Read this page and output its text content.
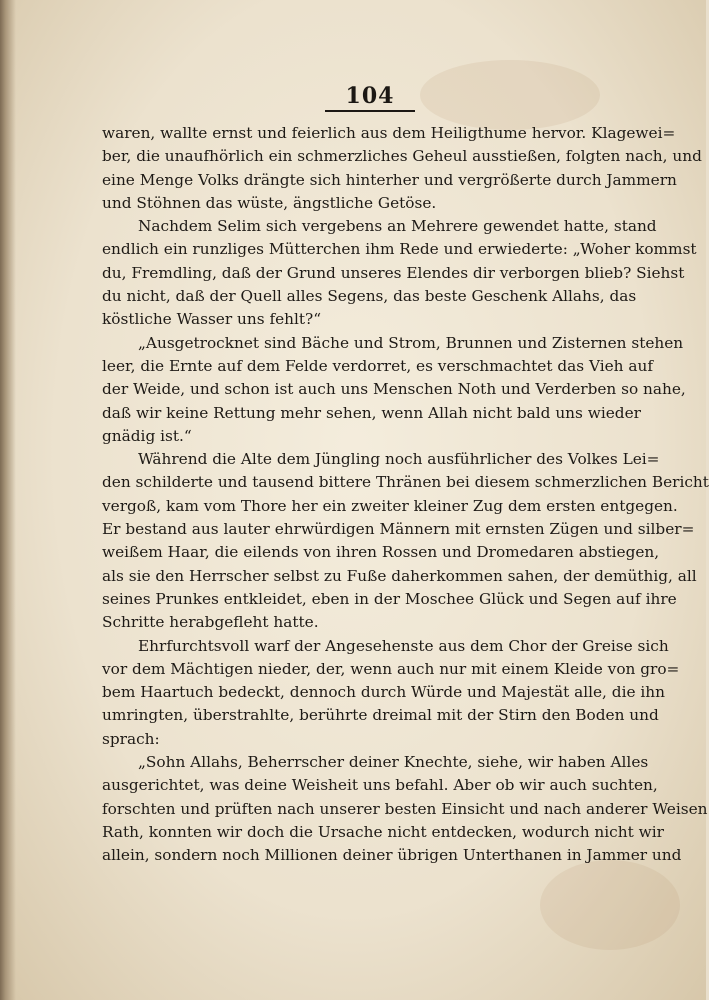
104
waren, wallte ernst und feierlich aus dem Heiligthume hervor. Klagewei=
ber, die unaufhörlich ein schmerzliches Geheul ausstießen, folgten nach, und
eine Menge Volks drängte sich hinterher und vergrößerte durch Jammern
und Stöhnen das wüste, ängstliche Getöse.
Nachdem Selim sich vergebens an Mehrere gewendet hatte, stand
endlich ein runzliges Mütterchen ihm Rede und erwiederte: „Woher kommst
du, Fremdling, daß der Grund unseres Elendes dir verborgen blieb? Siehst
du nicht, daß der Quell alles Segens, das beste Geschenk Allahs, das
köstliche Wasser uns fehlt?“
„Ausgetrocknet sind Bäche und Strom, Brunnen und Zisternen stehen
leer, die Ernte auf dem Felde verdorret, es verschmachtet das Vieh auf
der Weide, und schon ist auch uns Menschen Noth und Verderben so nahe,
daß wir keine Rettung mehr sehen, wenn Allah nicht bald uns wieder
gnädig ist.“
Während die Alte dem Jüngling noch ausführlicher des Volkes Lei=
den schilderte und tausend bittere Thränen bei diesem schmerzlichen Bericht
vergoß, kam vom Thore her ein zweiter kleiner Zug dem ersten entgegen.
Er bestand aus lauter ehrwürdigen Männern mit ernsten Zügen und silber=
weißem Haar, die eilends von ihren Rossen und Dromedaren abstiegen,
als sie den Herrscher selbst zu Fuße daherkommen sahen, der demüthig, all
seines Prunkes entkleidet, eben in der Moschee Glück und Segen auf ihre
Schritte herabgefleht hatte.
Ehrfurchtsvoll warf der Angesehenste aus dem Chor der Greise sich
vor dem Mächtigen nieder, der, wenn auch nur mit einem Kleide von gro=
bem Haartuch bedeckt, dennoch durch Würde und Majestät alle, die ihn
umringten, überstrahlte, berührte dreimal mit der Stirn den Boden und
sprach:
„Sohn Allahs, Beherrscher deiner Knechte, siehe, wir haben Alles
ausgerichtet, was deine Weisheit uns befahl. Aber ob wir auch suchten,
forschten und prüften nach unserer besten Einsicht und nach anderer Weisen
Rath, konnten wir doch die Ursache nicht entdecken, wodurch nicht wir
allein, sondern noch Millionen deiner übrigen Unterthanen in Jammer und
